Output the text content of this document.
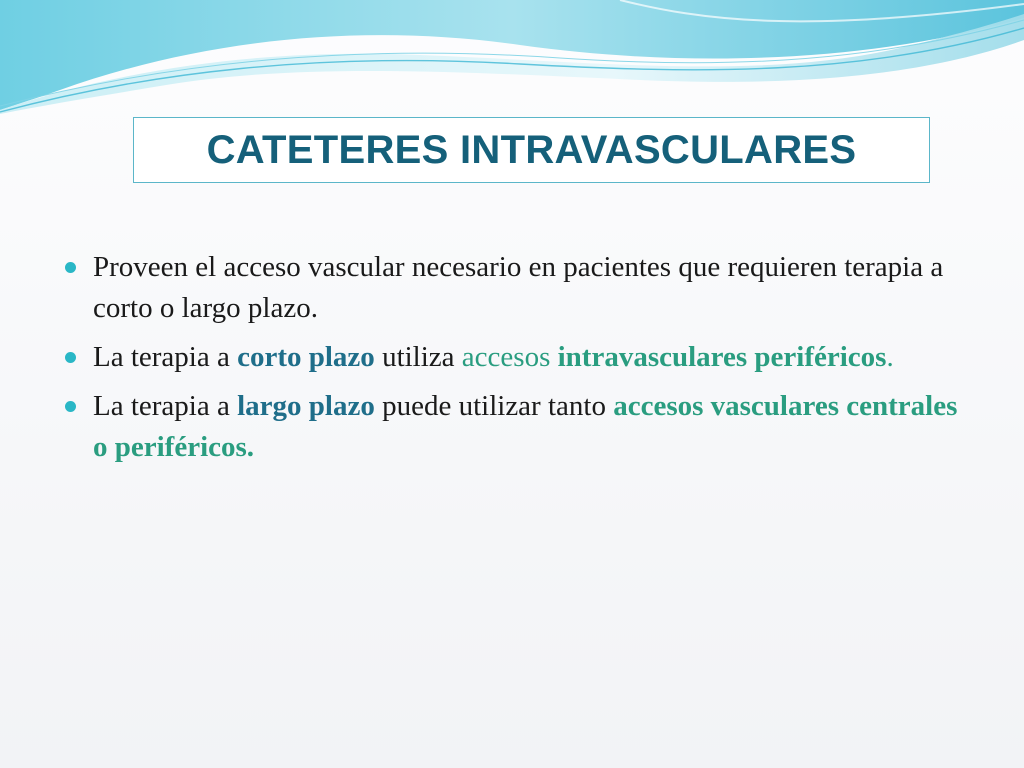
CATETERES INTRAVASCULARES
Proveen el acceso vascular necesario en pacientes que requieren terapia a corto o largo plazo.
La terapia a corto plazo utiliza accesos intravasculares periféricos.
La terapia a largo plazo puede utilizar tanto accesos vasculares centrales o periféricos.
